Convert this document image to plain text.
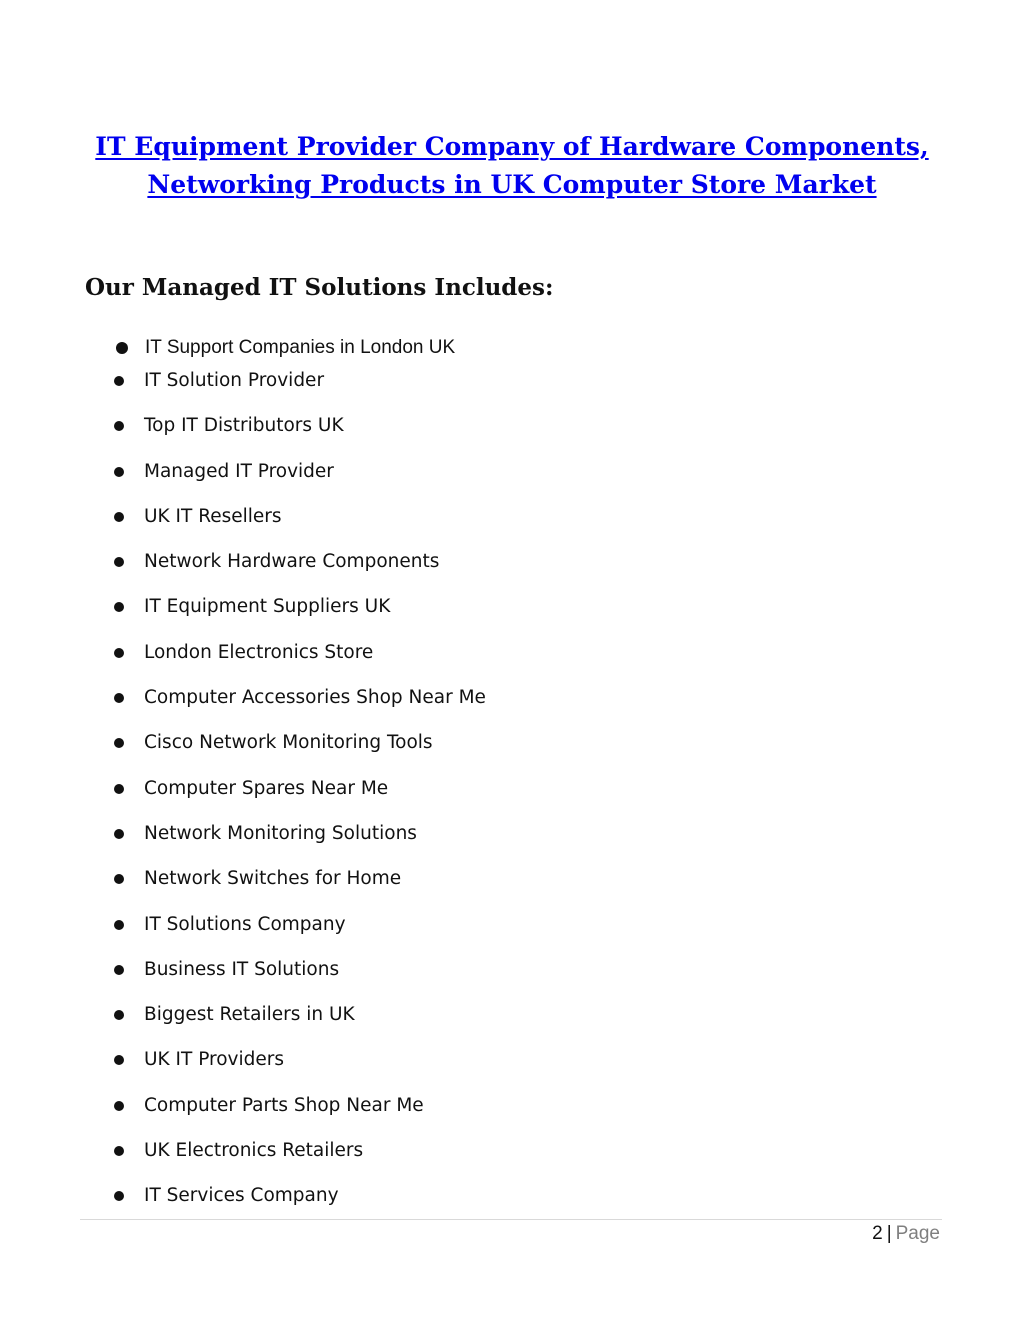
IT Equipment Provider Company of Hardware Components,
Networking Products in UK Computer Store Market
Our Managed IT Solutions Includes:
IT Support Companies in London UK
IT Solution Provider
Top IT Distributors UK
Managed IT Provider
UK IT Resellers
Network Hardware Components
IT Equipment Suppliers UK
London Electronics Store
Computer Accessories Shop Near Me
Cisco Network Monitoring Tools
Computer Spares Near Me
Network Monitoring Solutions
Network Switches for Home
IT Solutions Company
Business IT Solutions
Biggest Retailers in UK
UK IT Providers
Computer Parts Shop Near Me
UK Electronics Retailers
IT Services Company
2 | Page
